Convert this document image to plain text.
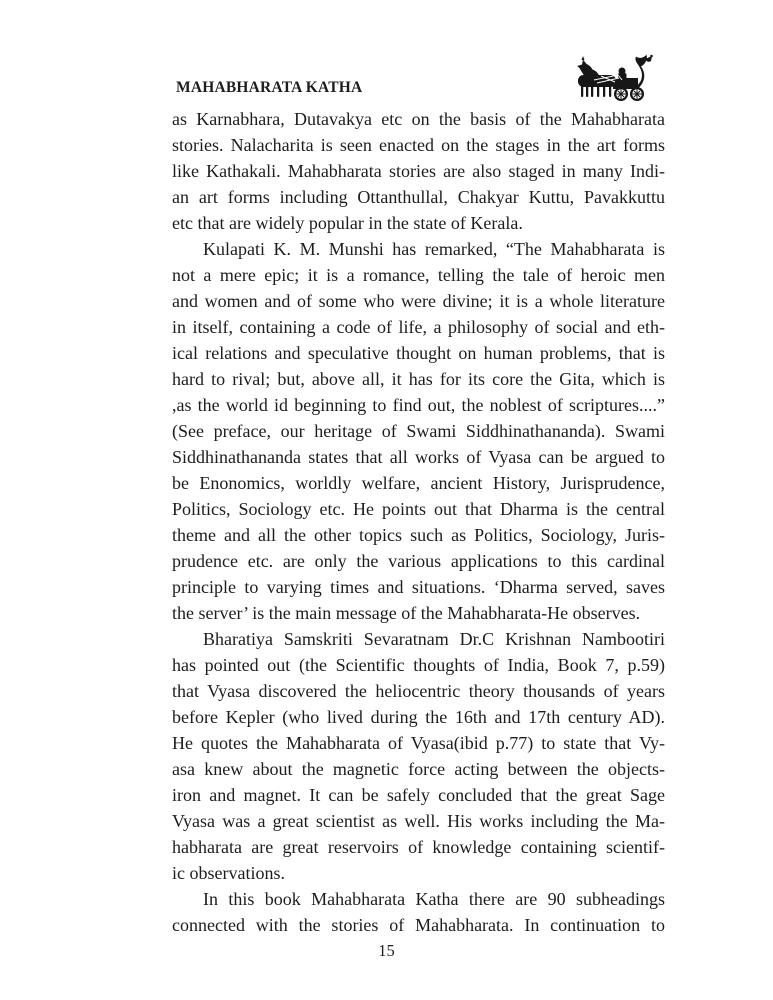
MAHABHARATA KATHA
as Karnabhara, Dutavakya etc on the basis of the Mahabharata
stories. Nalacharita is seen enacted on the stages in the art forms
like Kathakali. Mahabharata stories are also staged in many Indi-
an art forms including Ottanthullal, Chakyar Kuttu, Pavakkuttu
etc that are widely popular in the state of Kerala.
Kulapati K. M. Munshi has remarked, “The Mahabharata is
not a mere epic; it is a romance, telling the tale of heroic men
and women and of some who were divine; it is a whole literature
in itself, containing a code of life, a philosophy of social and eth-
ical relations and speculative thought on human problems, that is
hard to rival; but, above all, it has for its core the Gita, which is
,as the world id beginning to find out, the noblest of scriptures....”
(See preface, our heritage of Swami Siddhinathananda). Swami
Siddhinathananda states that all works of Vyasa can be argued to
be Enonomics, worldly welfare, ancient History, Jurisprudence,
Politics, Sociology etc. He points out that Dharma is the central
theme and all the other topics such as Politics, Sociology, Juris-
prudence etc. are only the various applications to this cardinal
principle to varying times and situations. ‘Dharma served, saves
the server’ is the main message of the Mahabharata-He observes.
Bharatiya Samskriti Sevaratnam Dr.C Krishnan Nambootiri
has pointed out (the Scientific thoughts of India, Book 7, p.59)
that Vyasa discovered the heliocentric theory thousands of years
before Kepler (who lived during the 16th and 17th century AD).
He quotes the Mahabharata of Vyasa(ibid p.77) to state that Vy-
asa knew about the magnetic force acting between the objects-
iron and magnet. It can be safely concluded that the great Sage
Vyasa was a great scientist as well. His works including the Ma-
habharata are great reservoirs of knowledge containing scientif-
ic observations.
In this book Mahabharata Katha there are 90 subheadings
connected with the stories of Mahabharata. In continuation to
15
